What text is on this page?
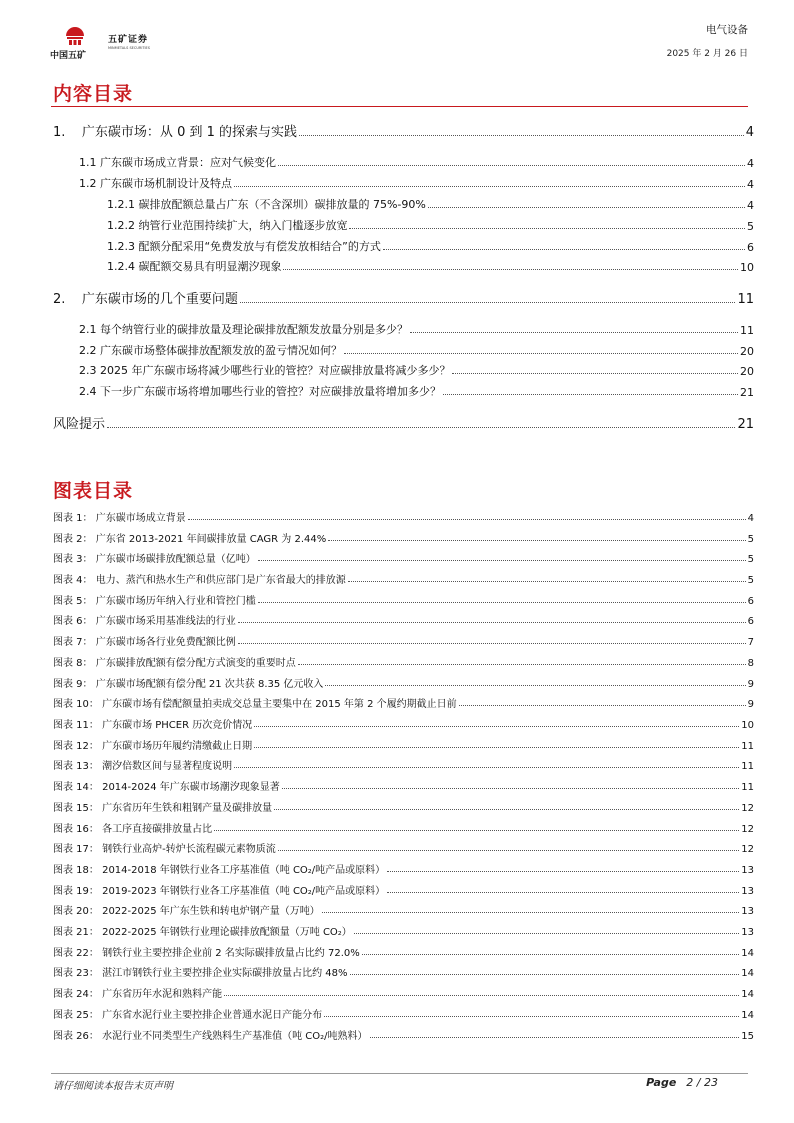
中国五矿
五矿证券
MINMETALS SECURITIES
电气设备
2025 年 2 月 26 日
内容目录
1.    广东碳市场：从 0 到 1 的探索与实践	4
1.1 广东碳市场成立背景：应对气候变化	4
1.2 广东碳市场机制设计及特点	4
1.2.1 碳排放配额总量占广东（不含深圳）碳排放量的 75%-90%	4
1.2.2 纳管行业范围持续扩大，纳入门槛逐步放宽	5
1.2.3 配额分配采用“免费发放与有偿发放相结合”的方式	6
1.2.4 碳配额交易具有明显潮汐现象	10
2.    广东碳市场的几个重要问题	11
2.1 每个纳管行业的碳排放量及理论碳排放配额发放量分别是多少？	11
2.2 广东碳市场整体碳排放配额发放的盈亏情况如何？	20
2.3 2025 年广东碳市场将减少哪些行业的管控？对应碳排放量将减少多少？	20
2.4 下一步广东碳市场将增加哪些行业的管控？对应碳排放量将增加多少？	21
风险提示	21
图表目录
图表 1： 广东碳市场成立背景	4
图表 2： 广东省 2013-2021 年间碳排放量 CAGR 为 2.44%	5
图表 3： 广东碳市场碳排放配额总量（亿吨）	5
图表 4： 电力、蒸汽和热水生产和供应部门是广东省最大的排放源	5
图表 5： 广东碳市场历年纳入行业和管控门槛	6
图表 6： 广东碳市场采用基准线法的行业	6
图表 7： 广东碳市场各行业免费配额比例	7
图表 8： 广东碳排放配额有偿分配方式演变的重要时点	8
图表 9： 广东碳市场配额有偿分配 21 次共获 8.35 亿元收入	9
图表 10： 广东碳市场有偿配额量拍卖成交总量主要集中在 2015 年第 2 个履约期截止日前	9
图表 11： 广东碳市场 PHCER 历次竞价情况	10
图表 12： 广东碳市场历年履约清缴截止日期	11
图表 13： 潮汐倍数区间与显著程度说明	11
图表 14： 2014-2024 年广东碳市场潮汐现象显著	11
图表 15： 广东省历年生铁和粗钢产量及碳排放量	12
图表 16： 各工序直接碳排放量占比	12
图表 17： 钢铁行业高炉-转炉长流程碳元素物质流	12
图表 18： 2014-2018 年钢铁行业各工序基准值（吨 CO₂/吨产品或原料）	13
图表 19： 2019-2023 年钢铁行业各工序基准值（吨 CO₂/吨产品或原料）	13
图表 20： 2022-2025 年广东生铁和转电炉钢产量（万吨）	13
图表 21： 2022-2025 年钢铁行业理论碳排放配额量（万吨 CO₂）	13
图表 22： 钢铁行业主要控排企业前 2 名实际碳排放量占比约 72.0%	14
图表 23： 湛江市钢铁行业主要控排企业实际碳排放量占比约 48%	14
图表 24： 广东省历年水泥和熟料产能	14
图表 25： 广东省水泥行业主要控排企业普通水泥日产能分布	14
图表 26： 水泥行业不同类型生产线熟料生产基准值（吨 CO₂/吨熟料）	15
请仔细阅读本报告末页声明	Page 2 / 23
